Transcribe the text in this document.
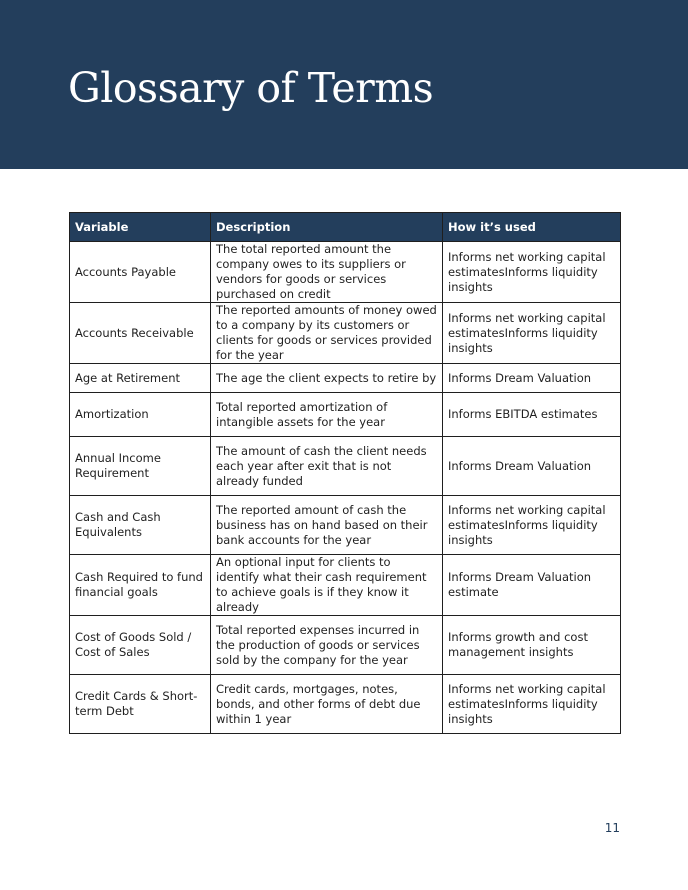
Glossary of Terms
Variable	Description	How it’s used
Accounts Payable	The total reported amount the company owes to its suppliers or vendors for goods or services purchased on credit	Informs net working capital estimatesInforms liquidity insights
Accounts Receivable	The reported amounts of money owed to a company by its customers or clients for goods or services provided for the year	Informs net working capital estimatesInforms liquidity insights
Age at Retirement	The age the client expects to retire by	Informs Dream Valuation
Amortization	Total reported amortization of intangible assets for the year	Informs EBITDA estimates
Annual Income Requirement	The amount of cash the client needs each year after exit that is not already funded	Informs Dream Valuation
Cash and Cash Equivalents	The reported amount of cash the business has on hand based on their bank accounts for the year	Informs net working capital estimatesInforms liquidity insights
Cash Required to fund financial goals	An optional input for clients to identify what their cash requirement to achieve goals is if they know it already	Informs Dream Valuation estimate
Cost of Goods Sold / Cost of Sales	Total reported expenses incurred in the production of goods or services sold by the company for the year	Informs growth and cost management insights
Credit Cards & Short-term Debt	Credit cards, mortgages, notes, bonds, and other forms of debt due within 1 year	Informs net working capital estimatesInforms liquidity insights
11
